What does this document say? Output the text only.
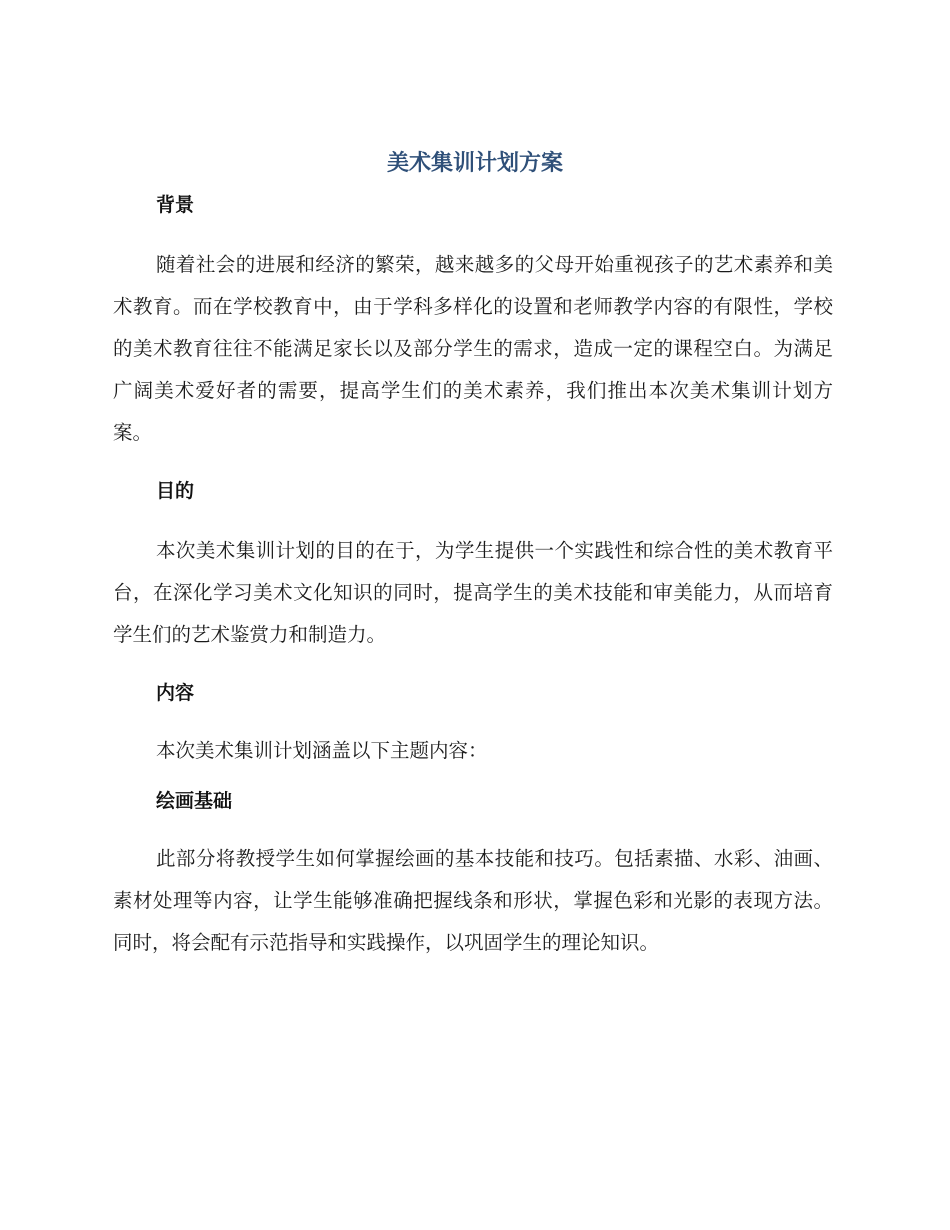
美术集训计划方案
背景

随着社会的进展和经济的繁荣，越来越多的父母开始重视孩子的艺术素养和美术教育。而在学校教育中，由于学科多样化的设置和老师教学内容的有限性，学校的美术教育往往不能满足家长以及部分学生的需求，造成一定的课程空白。为满足广阔美术爱好者的需要，提高学生们的美术素养，我们推出本次美术集训计划方案。

目的

本次美术集训计划的目的在于，为学生提供一个实践性和综合性的美术教育平台，在深化学习美术文化知识的同时，提高学生的美术技能和审美能力，从而培育学生们的艺术鉴赏力和制造力。

内容

本次美术集训计划涵盖以下主题内容：

绘画基础

此部分将教授学生如何掌握绘画的基本技能和技巧。包括素描、水彩、油画、素材处理等内容，让学生能够准确把握线条和形状，掌握色彩和光影的表现方法。同时，将会配有示范指导和实践操作，以巩固学生的理论知识。
